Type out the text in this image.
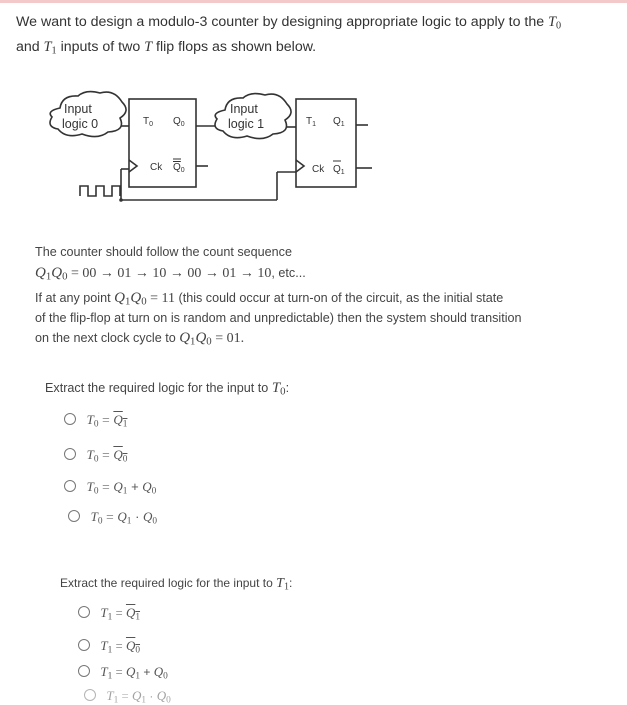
We want to design a modulo-3 counter by designing appropriate logic to apply to the $T_0$
and $T_1$ inputs of two T flip flops as shown below.
Input
logic 0
Input
logic 1
$T_0$ $Q_0$
Ck $Q_0$
$T_1$ $Q_1$
Ck $Q_1$
The counter should follow the count sequence
$Q_1Q_0 = 00 \to 01 \to 10 \to 00 \to 01 \to 10$, etc...
If at any point $Q_1Q_0 = 11$ (this could occur at turn-on of the circuit, as the initial state
of the flip-flop at turn on is random and unpredictable) then the system should transition
on the next clock cycle to $Q_1Q_0 = 01$.
Extract the required logic for the input to $T_0$:
$T_0 = Q_1$
$T_0 = Q_0$
$T_0 = Q_1 + Q_0$
$T_0 = Q_1 \cdot Q_0$
Extract the required logic for the input to $T_1$:
$T_1 = Q_1$
$T_1 = Q_0$
$T_1 = Q_1 + Q_0$
$T_1 = Q_1 \cdot Q_0$
